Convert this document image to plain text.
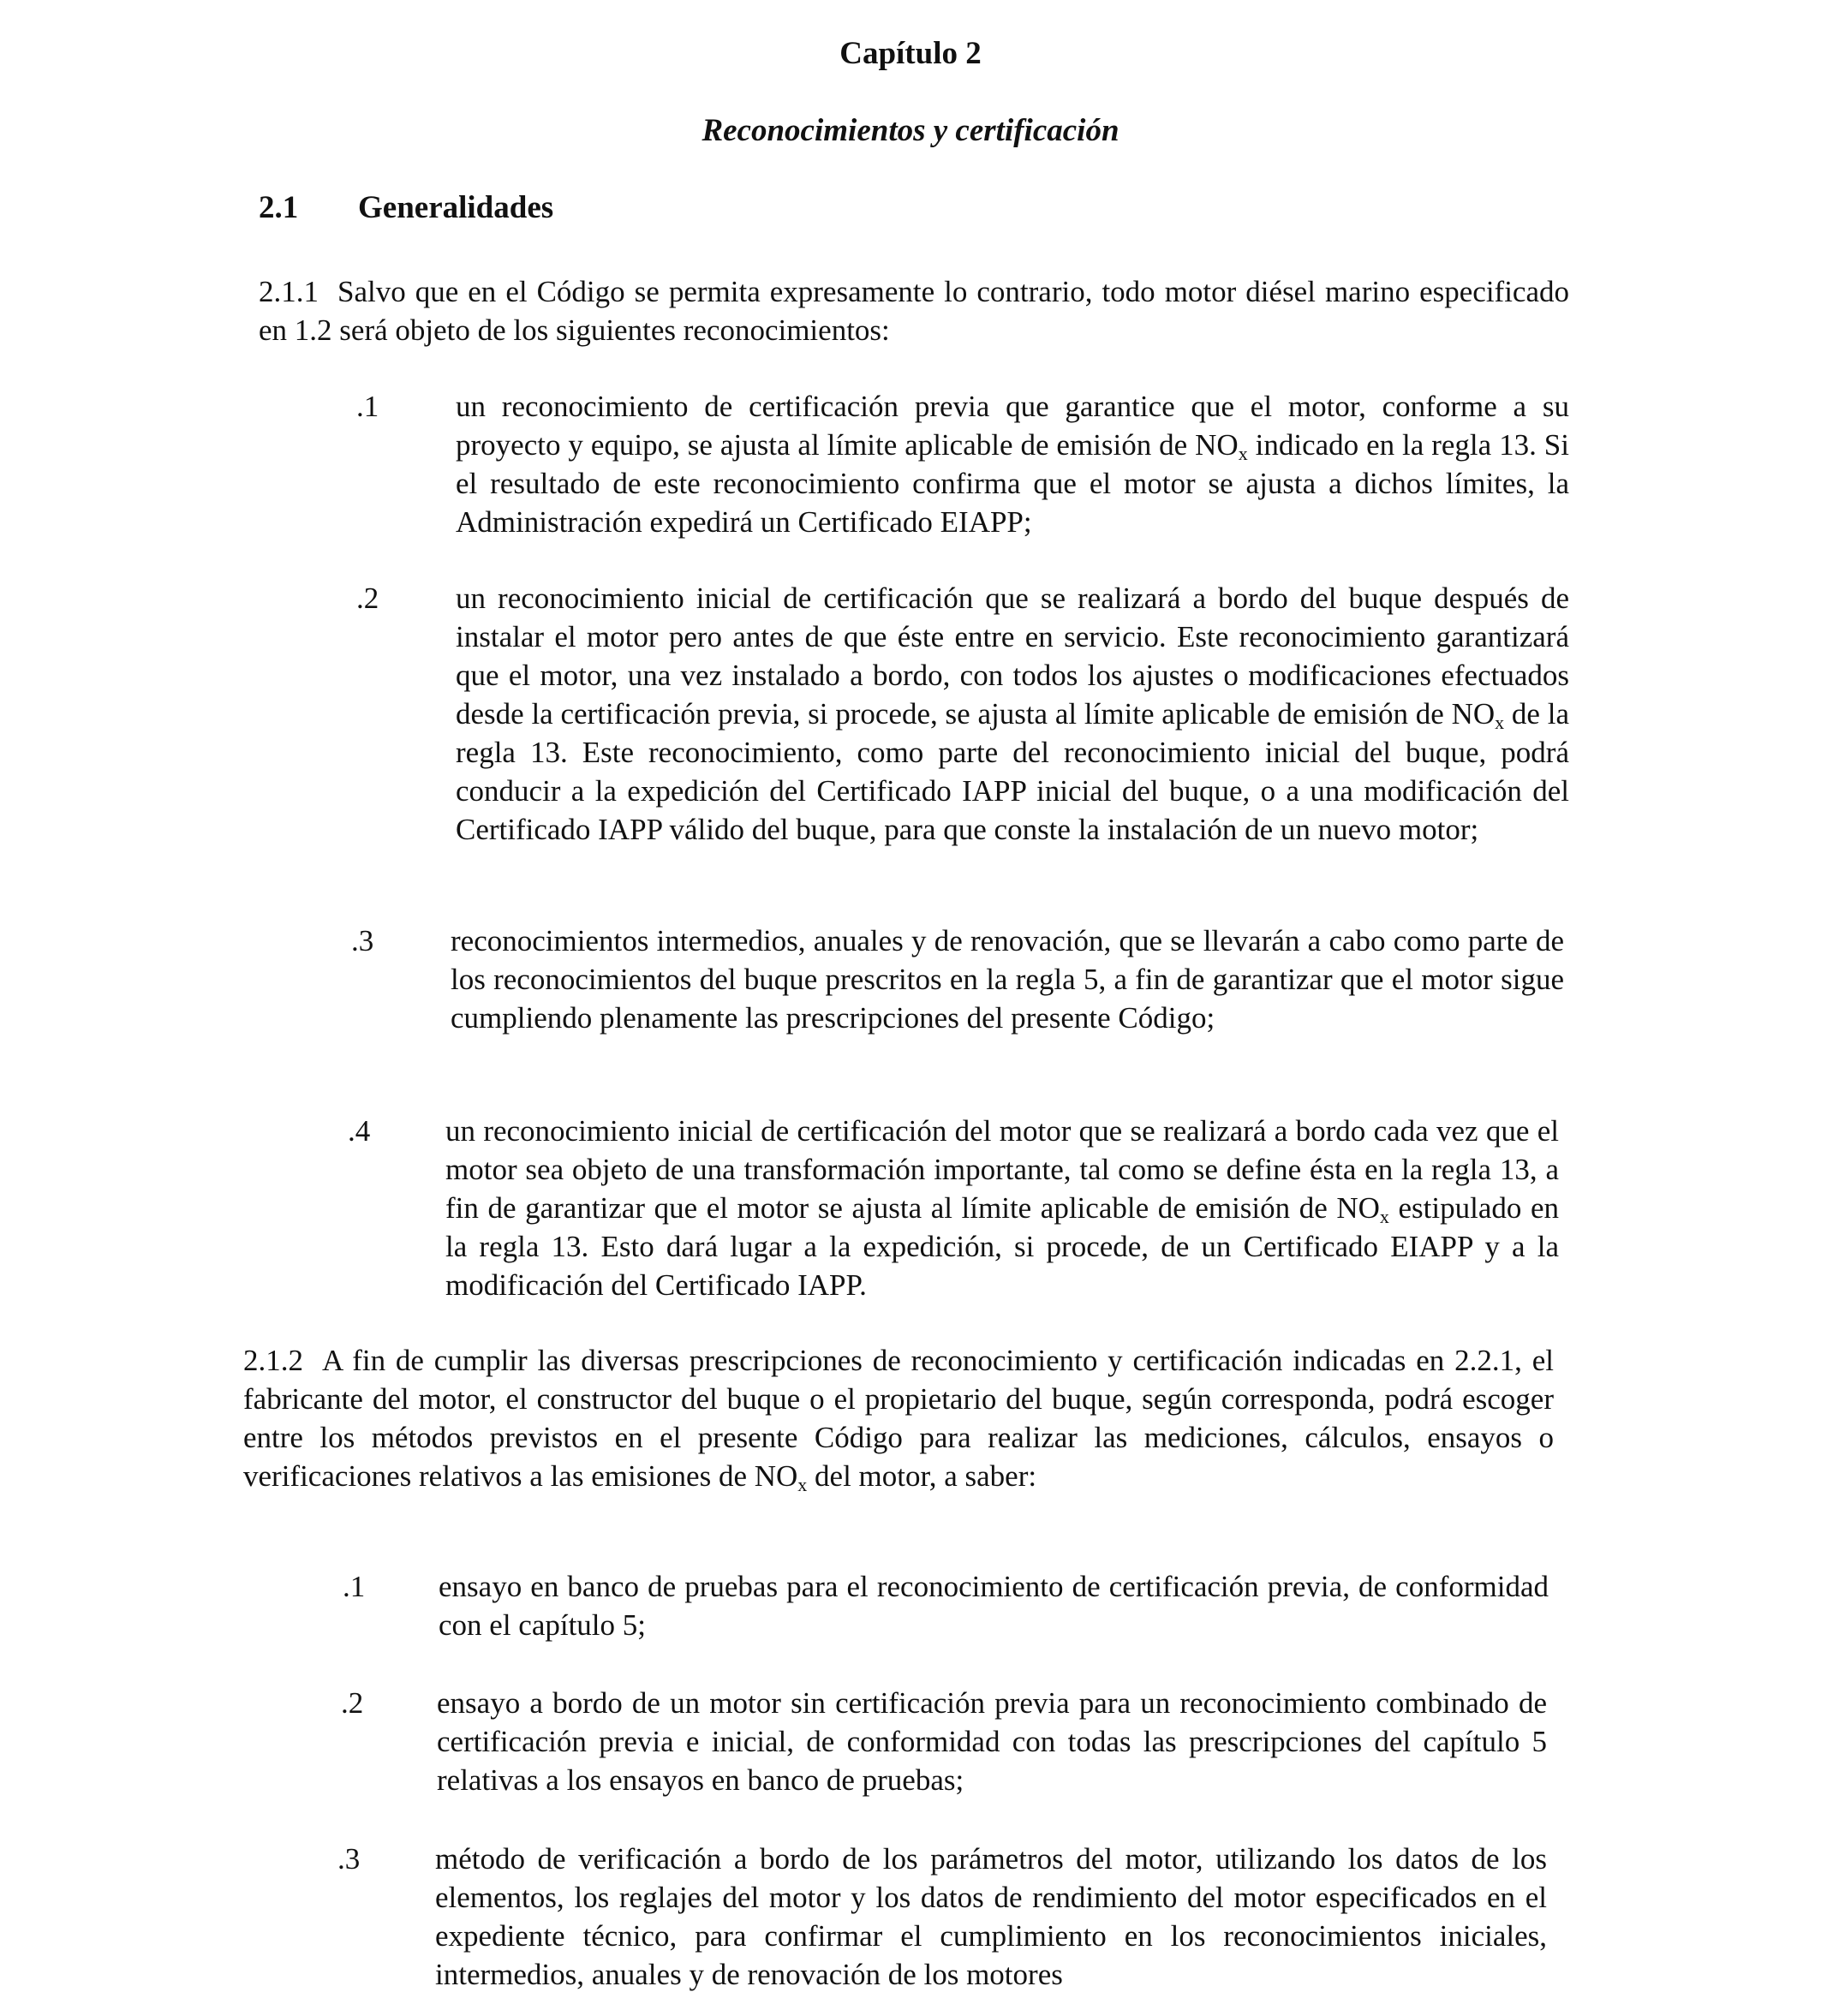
Capítulo 2
Reconocimientos y certificación
2.1 Generalidades
2.1.1 Salvo que en el Código se permita expresamente lo contrario, todo motor diésel marino especificado en 1.2 será objeto de los siguientes reconocimientos:
.1	un reconocimiento de certificación previa que garantice que el motor, conforme a su proyecto y equipo, se ajusta al límite aplicable de emisión de $NO_x$ indicado en la regla 13. Si el resultado de este reconocimiento confirma que el motor se ajusta a dichos límites, la Administración expedirá un Certificado EIAPP;
.2	un reconocimiento inicial de certificación que se realizará a bordo del buque después de instalar el motor pero antes de que éste entre en servicio. Este reconocimiento garantizará que el motor, una vez instalado a bordo, con todos los ajustes o modificaciones efectuados desde la certificación previa, si procede, se ajusta al límite aplicable de emisión de $NO_x$ de la regla 13. Este reconocimiento, como parte del reconocimiento inicial del buque, podrá conducir a la expedición del Certificado IAPP inicial del buque, o a una modificación del Certificado IAPP válido del buque, para que conste la instalación de un nuevo motor;
.3	reconocimientos intermedios, anuales y de renovación, que se llevarán a cabo como parte de los reconocimientos del buque prescritos en la regla 5, a fin de garantizar que el motor sigue cumpliendo plenamente las prescripciones del presente Código;
.4	un reconocimiento inicial de certificación del motor que se realizará a bordo cada vez que el motor sea objeto de una transformación importante, tal como se define ésta en la regla 13, a fin de garantizar que el motor se ajusta al límite aplicable de emisión de $NO_x$ estipulado en la regla 13. Esto dará lugar a la expedición, si procede, de un Certificado EIAPP y a la modificación del Certificado IAPP.
2.1.2 A fin de cumplir las diversas prescripciones de reconocimiento y certificación indicadas en 2.2.1, el fabricante del motor, el constructor del buque o el propietario del buque, según corresponda, podrá escoger entre los métodos previstos en el presente Código para realizar las mediciones, cálculos, ensayos o verificaciones relativos a las emisiones de $NO_x$ del motor, a saber:
.1 ensayo en banco de pruebas para el reconocimiento de certificación previa, de conformidad con el capítulo 5;
.2 ensayo a bordo de un motor sin certificación previa para un reconocimiento combinado de certificación previa e inicial, de conformidad con todas las prescripciones del capítulo 5 relativas a los ensayos en banco de pruebas;
.3	método de verificación a bordo de los parámetros del motor, utilizando los datos de los elementos, los reglajes del motor y los datos de rendimiento del motor especificados en el expediente técnico, para confirmar el cumplimiento en los reconocimientos iniciales, intermedios, anuales y de renovación de los motores
